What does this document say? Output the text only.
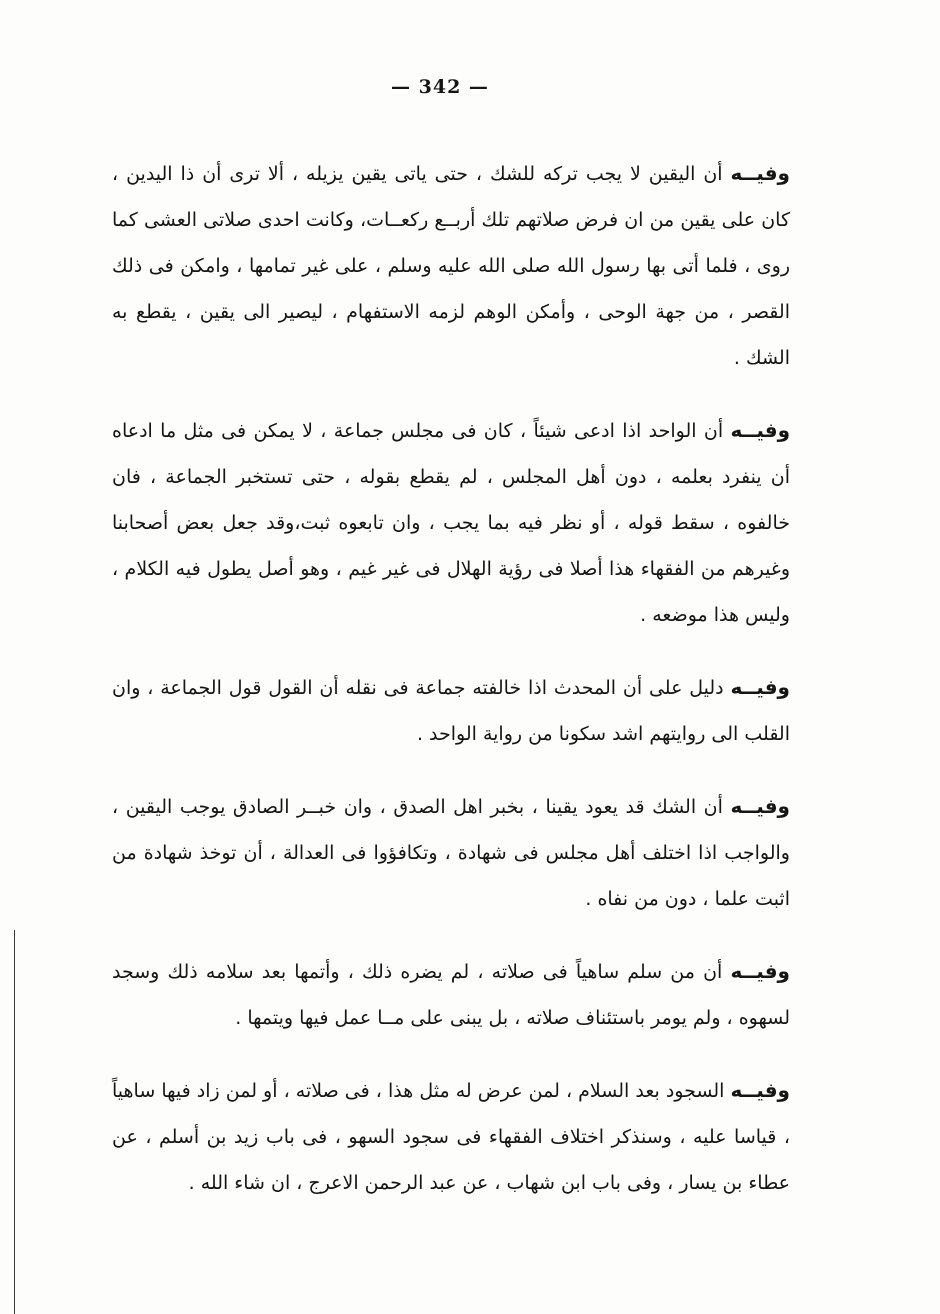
— 342 —

وفيــه أن اليقين لا يجب تركه للشك ، حتى ياتى يقين يزيله ، ألا ترى أن ذا اليدين ، كان على يقين من ان فرض صلاتهم تلك أربــع ركعــات، وكانت احدى صلاتى العشى كما روى ، فلما أتى بها رسول الله صلى الله عليه وسلم ، على غير تمامها ، وامكن فى ذلك القصر ، من جهة الوحى ، وأمكن الوهم لزمه الاستفهام ، ليصير الى يقين ، يقطع به الشك .

وفيــه أن الواحد اذا ادعى شيئاً ، كان فى مجلس جماعة ، لا يمكن فى مثل ما ادعاه أن ينفرد بعلمه ، دون أهل المجلس ، لم يقطع بقوله ، حتى تستخبر الجماعة ، فان خالفوه ، سقط قوله ، أو نظر فيه بما يجب ، وان تابعوه ثبت،وقد جعل بعض أصحابنا وغيرهم من الفقهاء هذا أصلا فى رؤية الهلال فى غير غيم ، وهو أصل يطول فيه الكلام ، وليس هذا موضعه .

وفيــه دليل على أن المحدث اذا خالفته جماعة فى نقله أن القول قول الجماعة ، وان القلب الى روايتهم اشد سكونا من رواية الواحد .

وفيــه أن الشك قد يعود يقينا ، بخبر اهل الصدق ، وان خبــر الصادق يوجب اليقين ، والواجب اذا اختلف أهل مجلس فى شهادة ، وتكافؤوا فى العدالة ، أن توخذ شهادة من اثبت علما ، دون من نفاه .

وفيــه أن من سلم ساهياً فى صلاته ، لم يضره ذلك ، وأتمها بعد سلامه ذلك وسجد لسهوه ، ولم يومر باستئناف صلاته ، بل يبنى على مــا عمل فيها ويتمها .

وفيــه السجود بعد السلام ، لمن عرض له مثل هذا ، فى صلاته ، أو لمن زاد فيها ساهياً ، قياسا عليه ، وسنذكر اختلاف الفقهاء فى سجود السهو ، فى باب زيد بن أسلم ، عن عطاء بن يسار ، وفى باب ابن شهاب ، عن عبد الرحمن الاعرج ، ان شاء الله .
